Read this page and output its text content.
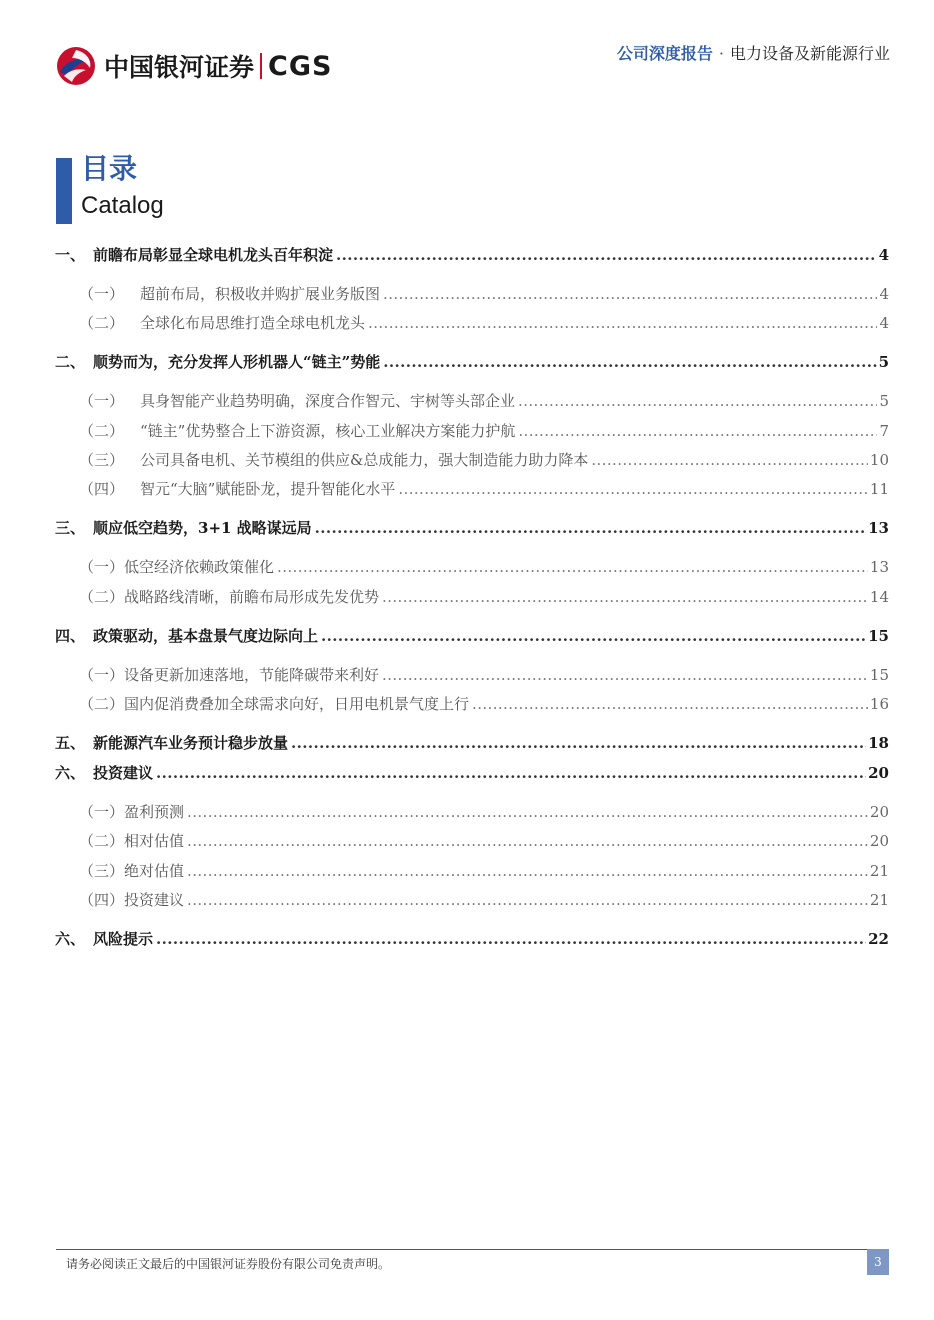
中国银河证券 CGS	公司深度报告 · 电力设备及新能源行业
目录
Catalog
一、 前瞻布局彰显全球电机龙头百年积淀 .....	4
（一） 超前布局，积极收并购扩展业务版图 .....	4
（二） 全球化布局思维打造全球电机龙头 .....	4
二、 顺势而为，充分发挥人形机器人“链主”势能 .....	5
（一） 具身智能产业趋势明确，深度合作智元、宇树等头部企业 .....	5
（二） “链主”优势整合上下游资源，核心工业解决方案能力护航 .....	7
（三） 公司具备电机、关节模组的供应&总成能力，强大制造能力助力降本 .....	10
（四） 智元“大脑”赋能卧龙，提升智能化水平 .....	11
三、 顺应低空趋势，3+1 战略谋远局 .....	13
（一） 低空经济依赖政策催化 .....	13
（二） 战略路线清晰，前瞻布局形成先发优势 .....	14
四、 政策驱动，基本盘景气度边际向上 .....	15
（一） 设备更新加速落地，节能降碳带来利好 .....	15
（二） 国内促消费叠加全球需求向好，日用电机景气度上行 .....	16
五、 新能源汽车业务预计稳步放量 .....	18
六、 投资建议 .....	20
（一） 盈利预测 .....	20
（二） 相对估值 .....	20
（三） 绝对估值 .....	21
（四） 投资建议 .....	21
六、 风险提示 .....	22
请务必阅读正文最后的中国银河证券股份有限公司免责声明。	3
